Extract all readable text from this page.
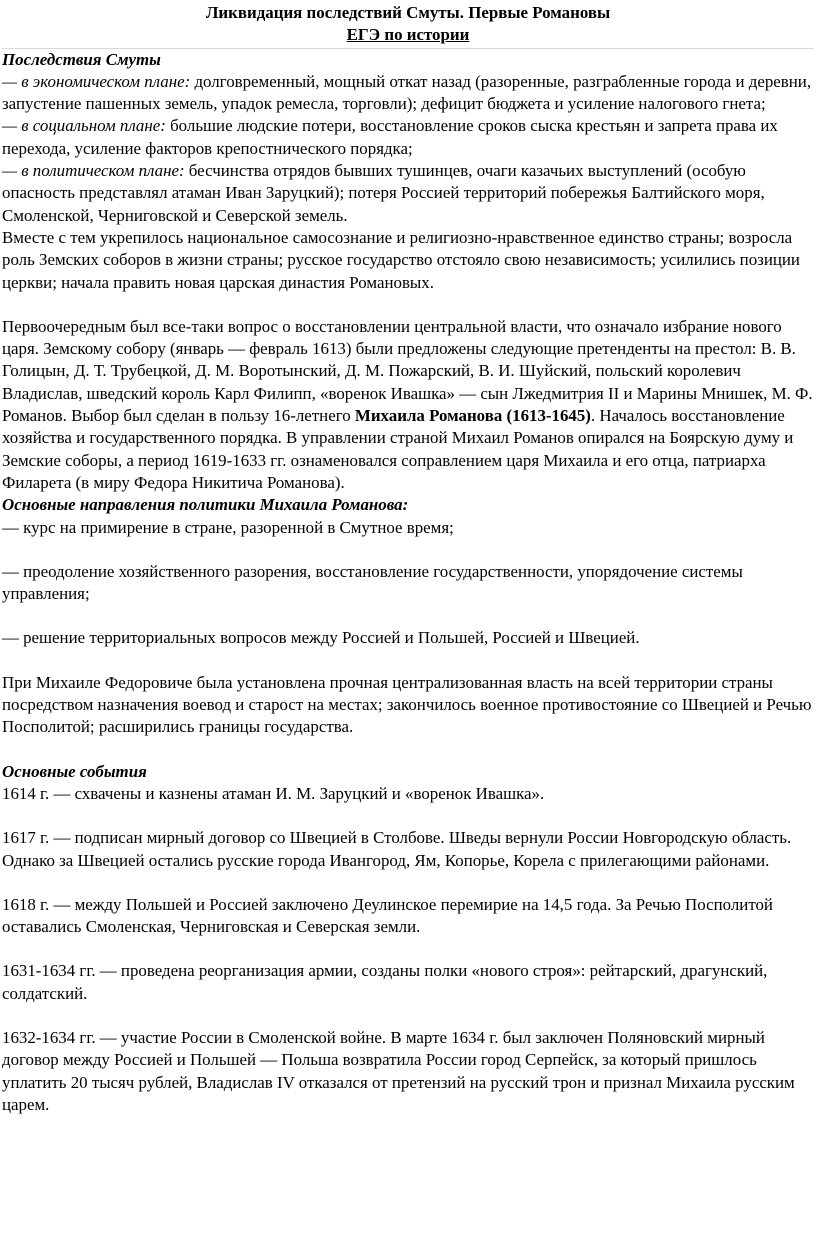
Ликвидация последствий Смуты. Первые Романовы
ЕГЭ по истории

Последствия Смуты

— в экономическом плане: долговременный, мощный откат назад (разоренные, разграбленные города и деревни, запустение пашенных земель, упадок ремесла, торговли); дефицит бюджета и усиление налогового гнета;

— в социальном плане: большие людские потери, восстановление сроков сыска крестьян и запрета права их перехода, усиление факторов крепостнического порядка;

— в политическом плане: бесчинства отрядов бывших тушинцев, очаги казачьих выступлений (особую опасность представлял атаман Иван Заруцкий); потеря Россией территорий побережья Балтийского моря, Смоленской, Черниговской и Северской земель.

Вместе с тем укрепилось национальное самосознание и религиозно-нравственное единство страны; возросла роль Земских соборов в жизни страны; русское государство отстояло свою независимость; усилились позиции церкви; начала править новая царская династия Романовых.

Первоочередным был все-таки вопрос о восстановлении центральной власти, что означало избрание нового царя. Земскому собору (январь — февраль 1613) были предложены следующие претенденты на престол: В. В. Голицын, Д. Т. Трубецкой, Д. М. Воротынский, Д. М. Пожарский, В. И. Шуйский, польский королевич Владислав, шведский король Карл Филипп, «воренок Ивашка» — сын Лжедмитрия II и Марины Мнишек, М. Ф. Романов. Выбор был сделан в пользу 16-летнего Михаила Романова (1613-1645). Началось восстановление хозяйства и государственного порядка. В управлении страной Михаил Романов опирался на Боярскую думу и Земские соборы, а период 1619-1633 гг. ознаменовался соправлением царя Михаила и его отца, патриарха Филарета (в миру Федора Никитича Романова).

Основные направления политики Михаила Романова:

— курс на примирение в стране, разоренной в Смутное время;

— преодоление хозяйственного разорения, восстановление государственности, упорядочение системы управления;

— решение территориальных вопросов между Россией и Польшей, Россией и Швецией.

При Михаиле Федоровиче была установлена прочная централизованная власть на всей территории страны посредством назначения воевод и старост на местах; закончилось военное противостояние со Швецией и Речью Посполитой; расширились границы государства.

Основные события

1614 г. — схвачены и казнены атаман И. М. Заруцкий и «воренок Ивашка».

1617 г. — подписан мирный договор со Швецией в Столбове. Шведы вернули России Новгородскую область. Однако за Швецией остались русские города Ивангород, Ям, Копорье, Корела с прилегающими районами.

1618 г. — между Польшей и Россией заключено Деулинское перемирие на 14,5 года. За Речью Посполитой оставались Смоленская, Черниговская и Северская земли.

1631-1634 гг. — проведена реорганизация армии, созданы полки «нового строя»: рейтарский, драгунский, солдатский.

1632-1634 гг. — участие России в Смоленской войне. В марте 1634 г. был заключен Поляновский мирный договор между Россией и Польшей — Польша возвратила России город Серпейск, за который пришлось уплатить 20 тысяч рублей, Владислав IV отказался от претензий на русский трон и признал Михаила русским царем.
